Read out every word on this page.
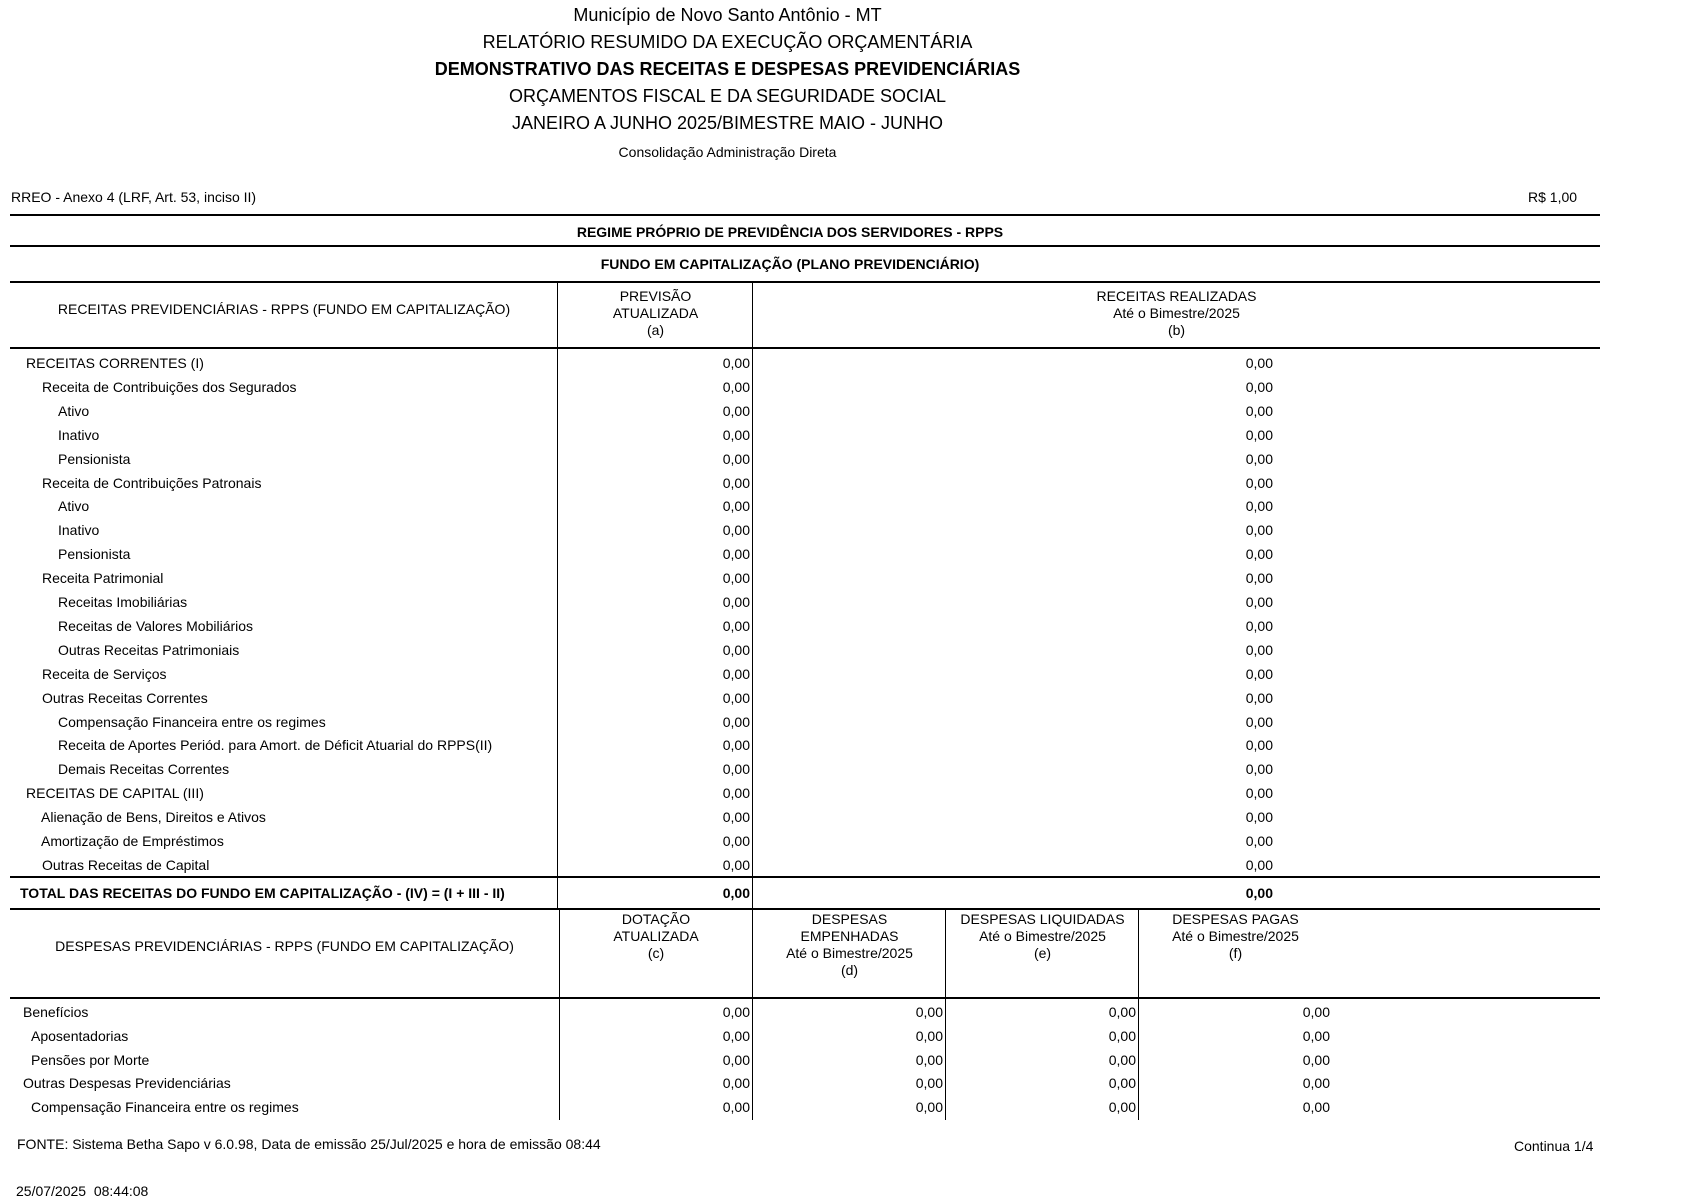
Município de Novo Santo Antônio - MT
RELATÓRIO RESUMIDO DA EXECUÇÃO ORÇAMENTÁRIA
DEMONSTRATIVO DAS RECEITAS E DESPESAS PREVIDENCIÁRIAS
ORÇAMENTOS FISCAL E DA SEGURIDADE SOCIAL
JANEIRO A JUNHO 2025/BIMESTRE MAIO - JUNHO
Consolidação Administração Direta
RREO - Anexo 4 (LRF, Art. 53, inciso II)	R$ 1,00
REGIME PRÓPRIO DE PREVIDÊNCIA DOS SERVIDORES - RPPS
FUNDO EM CAPITALIZAÇÃO (PLANO PREVIDENCIÁRIO)
RECEITAS PREVIDENCIÁRIAS - RPPS (FUNDO EM CAPITALIZAÇÃO)
PREVISÃO
ATUALIZADA
(a)
RECEITAS REALIZADAS
Até o Bimestre/2025
(b)
RECEITAS CORRENTES (I)	0,00	0,00
Receita de Contribuições dos Segurados	0,00	0,00
Ativo	0,00	0,00
Inativo	0,00	0,00
Pensionista	0,00	0,00
Receita de Contribuições Patronais	0,00	0,00
Ativo	0,00	0,00
Inativo	0,00	0,00
Pensionista	0,00	0,00
Receita Patrimonial	0,00	0,00
Receitas Imobiliárias	0,00	0,00
Receitas de Valores Mobiliários	0,00	0,00
Outras Receitas Patrimoniais	0,00	0,00
Receita de Serviços	0,00	0,00
Outras Receitas Correntes	0,00	0,00
Compensação Financeira entre os regimes	0,00	0,00
Receita de Aportes Periód. para Amort. de Déficit Atuarial do RPPS(II)	0,00	0,00
Demais Receitas Correntes	0,00	0,00
RECEITAS DE CAPITAL (III)	0,00	0,00
Alienação de Bens, Direitos e Ativos	0,00	0,00
Amortização de Empréstimos	0,00	0,00
Outras Receitas de Capital	0,00	0,00
TOTAL DAS RECEITAS DO FUNDO EM CAPITALIZAÇÃO - (IV) = (I + III - II)	0,00	0,00
DESPESAS PREVIDENCIÁRIAS - RPPS (FUNDO EM CAPITALIZAÇÃO)
DOTAÇÃO
ATUALIZADA
(c)
DESPESAS
EMPENHADAS
Até o Bimestre/2025
(d)
DESPESAS LIQUIDADAS
Até o Bimestre/2025
(e)
DESPESAS PAGAS
Até o Bimestre/2025
(f)
Benefícios	0,00	0,00	0,00	0,00
Aposentadorias	0,00	0,00	0,00	0,00
Pensões por Morte	0,00	0,00	0,00	0,00
Outras Despesas Previdenciárias	0,00	0,00	0,00	0,00
Compensação Financeira entre os regimes	0,00	0,00	0,00	0,00
FONTE: Sistema Betha Sapo v 6.0.98, Data de emissão 25/Jul/2025 e hora de emissão 08:44	Continua 1/4
25/07/2025  08:44:08
